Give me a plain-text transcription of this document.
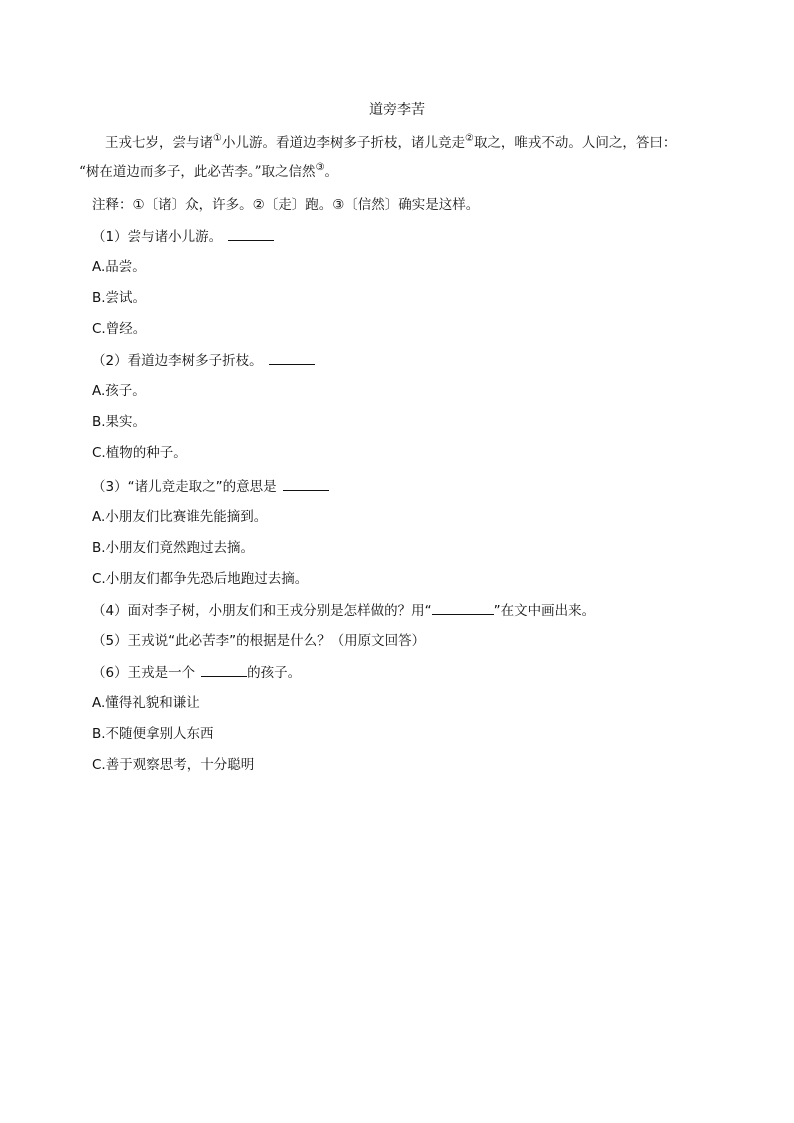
道旁李苦
王戎七岁，尝与诸①小儿游。看道边李树多子折枝，诸儿竞走②取之，唯戎不动。人问之，答曰：
“树在道边而多子，此必苦李。”取之信然③。
注释：①〔诸〕众，许多。②〔走〕跑。③〔信然〕确实是这样。
（1）尝与诸小儿游。
A.品尝。
B.尝试。
C.曾经。
（2）看道边李树多子折枝。
A.孩子。
B.果实。
C.植物的种子。
（3）“诸儿竞走取之”的意思是
A.小朋友们比赛谁先能摘到。
B.小朋友们竟然跑过去摘。
C.小朋友们都争先恐后地跑过去摘。
（4）面对李子树，小朋友们和王戎分别是怎样做的？用“	”在文中画出来。
（5）王戎说“此必苦李”的根据是什么？（用原文回答）
（6）王戎是一个	的孩子。
A.懂得礼貌和谦让
B.不随便拿别人东西
C.善于观察思考，十分聪明
